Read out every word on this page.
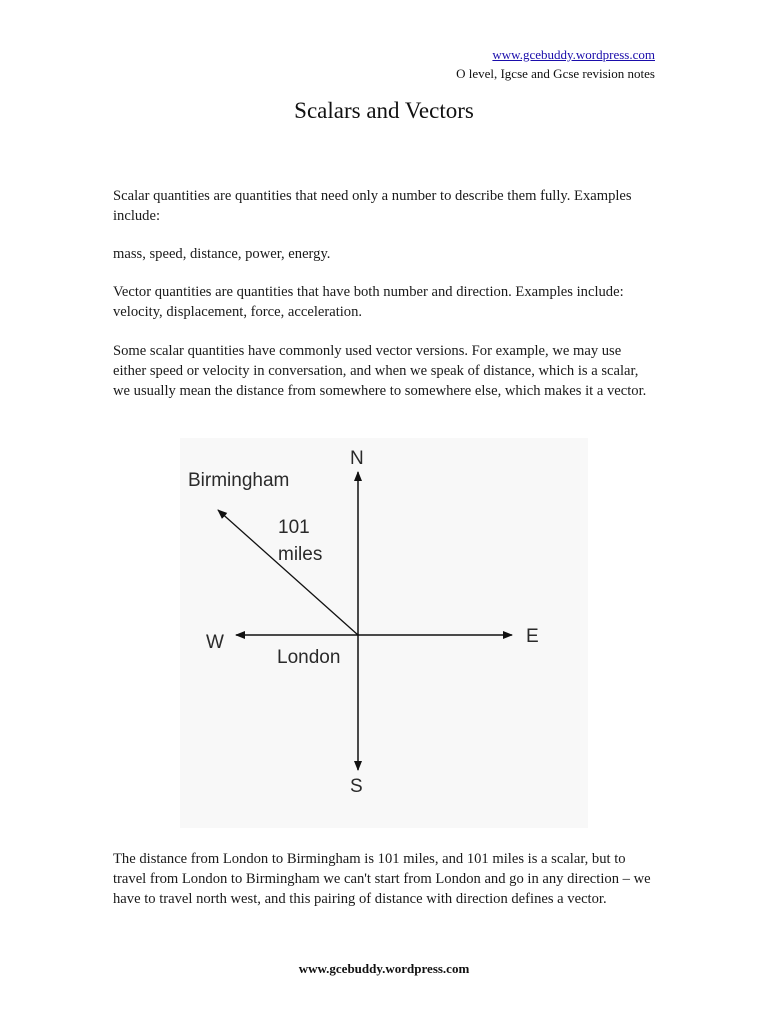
www.gcebuddy.wordpress.com
O level, Igcse and Gcse revision notes
Scalars and Vectors

Scalar quantities are quantities that need only a number to describe them fully. Examples include:

mass, speed, distance, power, energy.

Vector quantities are quantities that have both number and direction. Examples include: velocity, displacement, force, acceleration.

Some scalar quantities have commonly used vector versions. For example, we may use either speed or velocity in conversation, and when we speak of distance, which is a scalar, we usually mean the distance from somewhere to somewhere else, which makes it a vector.

N
S
E
W
London
Birmingham
101
miles

The distance from London to Birmingham is 101 miles, and 101 miles is a scalar, but to travel from London to Birmingham we can't start from London and go in any direction – we have to travel north west, and this pairing of distance with direction defines a vector.

www.gcebuddy.wordpress.com
